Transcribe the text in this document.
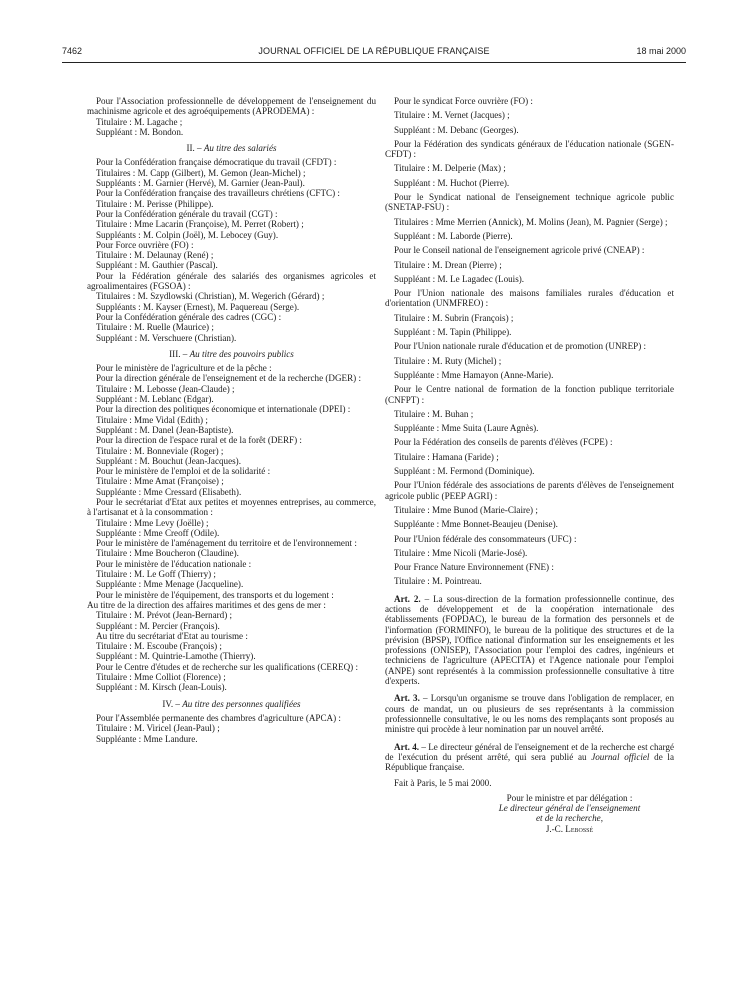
7462	JOURNAL OFFICIEL DE LA RÉPUBLIQUE FRANÇAISE	18 mai 2000

Pour l'Association professionnelle de développement de l'enseignement du machinisme agricole et des agroéquipements (APRODEMA) :

Titulaire : M. Lagache ;

Suppléant : M. Bondon.

II. – Au titre des salariés

Pour la Confédération française démocratique du travail (CFDT) :

Titulaires : M. Capp (Gilbert), M. Gemon (Jean-Michel) ;

Suppléants : M. Garnier (Hervé), M. Garnier (Jean-Paul).

Pour la Confédération française des travailleurs chrétiens (CFTC) :

Titulaire : M. Perisse (Philippe).

Pour la Confédération générale du travail (CGT) :

Titulaire : Mme Lacarin (Françoise), M. Perret (Robert) ;

Suppléants : M. Colpin (Joël), M. Lebocey (Guy).

Pour Force ouvrière (FO) :

Titulaire : M. Delaunay (René) ;

Suppléant : M. Gauthier (Pascal).

Pour la Fédération générale des salariés des organismes agricoles et agroalimentaires (FGSOA) :

Titulaires : M. Szydlowski (Christian), M. Wegerich (Gérard) ;

Suppléants : M. Kayser (Ernest), M. Paquereau (Serge).

Pour la Confédération générale des cadres (CGC) :

Titulaire : M. Ruelle (Maurice) ;

Suppléant : M. Verschuere (Christian).

III. – Au titre des pouvoirs publics

Pour le ministère de l'agriculture et de la pêche :

Pour la direction générale de l'enseignement et de la recherche (DGER) :

Titulaire : M. Lebosse (Jean-Claude) ;

Suppléant : M. Leblanc (Edgar).

Pour la direction des politiques économique et internationale (DPEI) :

Titulaire : Mme Vidal (Edith) ;

Suppléant : M. Danel (Jean-Baptiste).

Pour la direction de l'espace rural et de la forêt (DERF) :

Titulaire : M. Bonneviale (Roger) ;

Suppléant : M. Bouchut (Jean-Jacques).

Pour le ministère de l'emploi et de la solidarité :

Titulaire : Mme Amat (Françoise) ;

Suppléante : Mme Cressard (Elisabeth).

Pour le secrétariat d'Etat aux petites et moyennes entreprises, au commerce, à l'artisanat et à la consommation :

Titulaire : Mme Levy (Joëlle) ;

Suppléante : Mme Creoff (Odile).

Pour le ministère de l'aménagement du territoire et de l'environnement :

Titulaire : Mme Boucheron (Claudine).

Pour le ministère de l'éducation nationale :

Titulaire : M. Le Goff (Thierry) ;

Suppléante : Mme Menage (Jacqueline).

Pour le ministère de l'équipement, des transports et du logement :

Au titre de la direction des affaires maritimes et des gens de mer :

Titulaire : M. Prévot (Jean-Bernard) ;

Suppléant : M. Percier (François).

Au titre du secrétariat d'Etat au tourisme :

Titulaire : M. Escoube (François) ;

Suppléant : M. Quintrie-Lamothe (Thierry).

Pour le Centre d'études et de recherche sur les qualifications (CEREQ) :

Titulaire : Mme Colliot (Florence) ;

Suppléant : M. Kirsch (Jean-Louis).

IV. – Au titre des personnes qualifiées

Pour l'Assemblée permanente des chambres d'agriculture (APCA) :

Titulaire : M. Viricel (Jean-Paul) ;

Suppléante : Mme Landure.

Pour le syndicat Force ouvrière (FO) :

Titulaire : M. Vernet (Jacques) ;

Suppléant : M. Debanc (Georges).

Pour la Fédération des syndicats généraux de l'éducation nationale (SGEN-CFDT) :

Titulaire : M. Delperie (Max) ;

Suppléant : M. Huchot (Pierre).

Pour le Syndicat national de l'enseignement technique agricole public (SNETAP-FSU) :

Titulaires : Mme Merrien (Annick), M. Molins (Jean), M. Pagnier (Serge) ;

Suppléant : M. Laborde (Pierre).

Pour le Conseil national de l'enseignement agricole privé (CNEAP) :

Titulaire : M. Drean (Pierre) ;

Suppléant : M. Le Lagadec (Louis).

Pour l'Union nationale des maisons familiales rurales d'éducation et d'orientation (UNMFREO) :

Titulaire : M. Subrin (François) ;

Suppléant : M. Tapin (Philippe).

Pour l'Union nationale rurale d'éducation et de promotion (UNREP) :

Titulaire : M. Ruty (Michel) ;

Suppléante : Mme Hamayon (Anne-Marie).

Pour le Centre national de formation de la fonction publique territoriale (CNFPT) :

Titulaire : M. Buhan ;

Suppléante : Mme Suita (Laure Agnès).

Pour la Fédération des conseils de parents d'élèves (FCPE) :

Titulaire : Hamana (Faride) ;

Suppléant : M. Fermond (Dominique).

Pour l'Union fédérale des associations de parents d'élèves de l'enseignement agricole public (PEEP AGRI) :

Titulaire : Mme Bunod (Marie-Claire) ;

Suppléante : Mme Bonnet-Beaujeu (Denise).

Pour l'Union fédérale des consommateurs (UFC) :

Titulaire : Mme Nicoli (Marie-José).

Pour France Nature Environnement (FNE) :

Titulaire : M. Pointreau.

Art. 2. – La sous-direction de la formation professionnelle continue, des actions de développement et de la coopération internationale des établissements (FOPDAC), le bureau de la formation des personnels et de l'information (FORMINFO), le bureau de la politique des structures et de la prévision (BPSP), l'Office national d'information sur les enseignements et les professions (ONISEP), l'Association pour l'emploi des cadres, ingénieurs et techniciens de l'agriculture (APECITA) et l'Agence nationale pour l'emploi (ANPE) sont représentés à la commission professionnelle consultative à titre d'experts.

Art. 3. – Lorsqu'un organisme se trouve dans l'obligation de remplacer, en cours de mandat, un ou plusieurs de ses représentants à la commission professionnelle consultative, le ou les noms des remplaçants sont proposés au ministre qui procède à leur nomination par un nouvel arrêté.

Art. 4. – Le directeur général de l'enseignement et de la recherche est chargé de l'exécution du présent arrêté, qui sera publié au Journal officiel de la République française.

Fait à Paris, le 5 mai 2000.

Pour le ministre et par délégation :

Le directeur général de l'enseignement

et de la recherche,

J.-C. Lebossé
